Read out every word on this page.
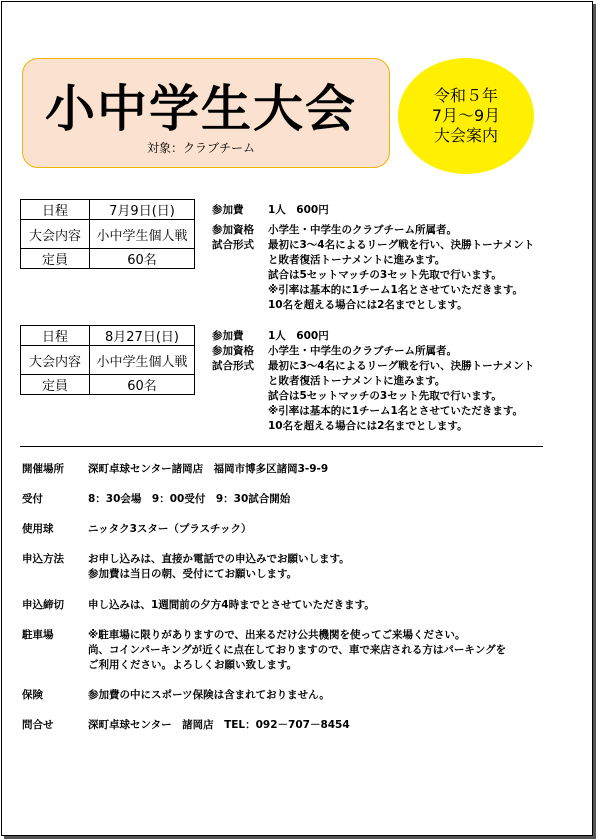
小中学生大会
対象：クラブチーム
令和５年
7月～9月
大会案内
日程	7月9日(日)
大会内容	小中学生個人戦
定員	60名
参加費	1人　600円
参加資格	小学生・中学生のクラブチーム所属者。
試合形式	最初に3～4名によるリーグ戦を行い、決勝トーナメント
と敗者復活トーナメントに進みます。
試合は5セットマッチの3セット先取で行います。
※引率は基本的に1チーム1名とさせていただきます。
10名を超える場合には2名までとします。
日程	8月27日(日)
大会内容	小中学生個人戦
定員	60名
参加費	1人　600円
参加資格	小学生・中学生のクラブチーム所属者。
試合形式	最初に3～4名によるリーグ戦を行い、決勝トーナメント
と敗者復活トーナメントに進みます。
試合は5セットマッチの3セット先取で行います。
※引率は基本的に1チーム1名とさせていただきます。
10名を超える場合には2名までとします。
開催場所	深町卓球センター諸岡店　福岡市博多区諸岡3-9-9
受付	8：30会場　9：00受付　9：30試合開始
使用球	ニッタク3スター（プラスチック）
申込方法	お申し込みは、直接か電話での申込みでお願いします。
参加費は当日の朝、受付にてお願いします。
申込締切	申し込みは、1週間前の夕方4時までとさせていただきます。
駐車場	※駐車場に限りがありますので、出来るだけ公共機関を使ってご来場ください。
尚、コインパーキングが近くに点在しておりますので、車で来店される方はパーキングを
ご利用ください。よろしくお願い致します。
保険	参加費の中にスポーツ保険は含まれておりません。
問合せ	深町卓球センター　諸岡店　TEL：092－707－8454
